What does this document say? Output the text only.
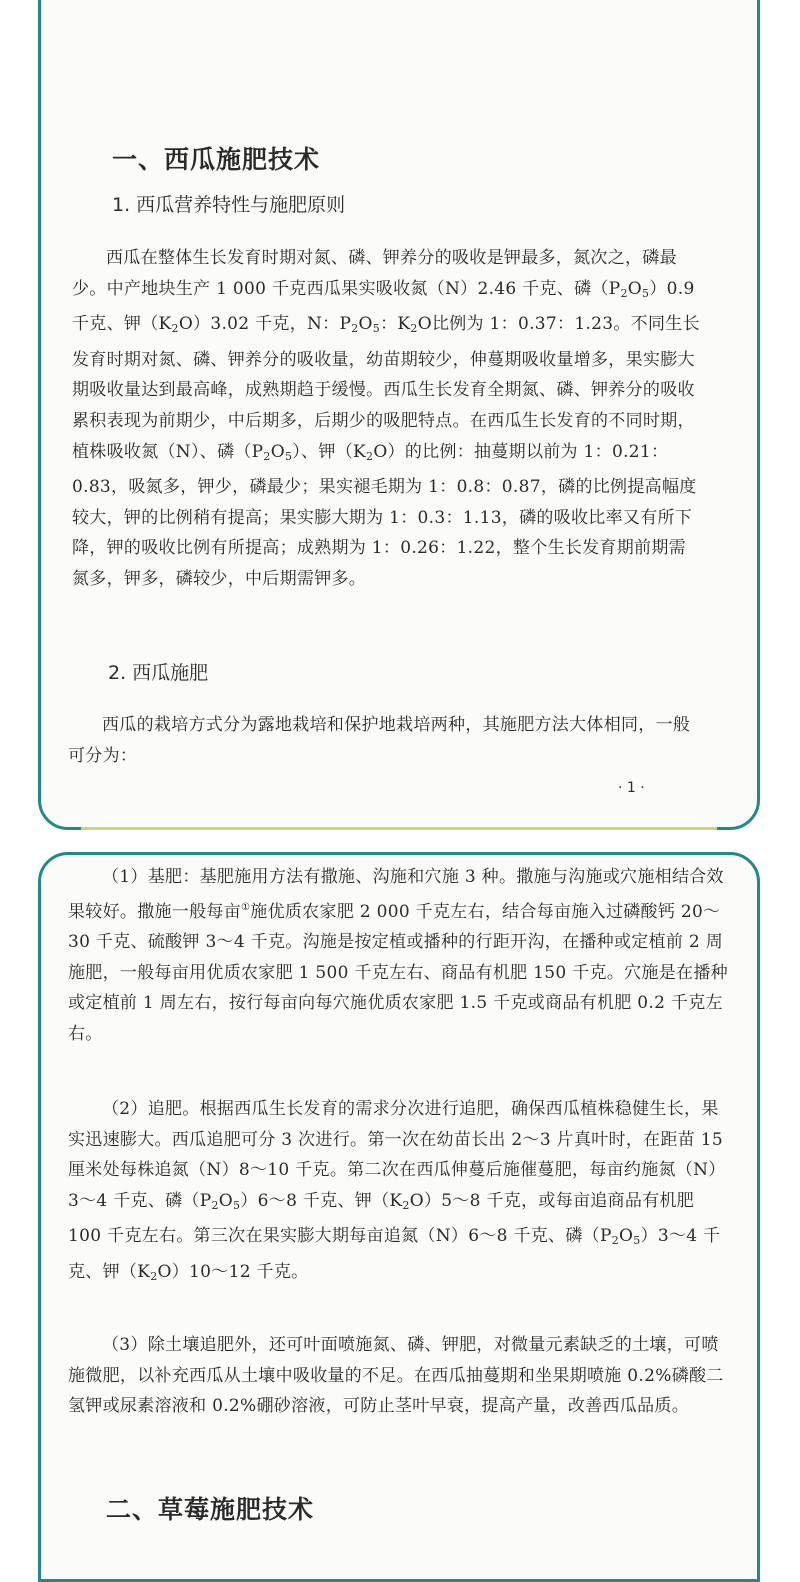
一、西瓜施肥技术
1. 西瓜营养特性与施肥原则

西瓜在整体生长发育时期对氮、磷、钾养分的吸收是钾最多，氮次之，磷最少。中产地块生产 1 000 千克西瓜果实吸收氮（N）2.46 千克、磷$(P_2O_5)0.9$ 千克、钾$(K_2O)3.02$ 千克，N：$P_2O_5$：$K_2O$比例为 1：0.37：1.23。不同生长发育时期对氮、磷、钾养分的吸收量，幼苗期较少，伸蔓期吸收量增多，果实膨大期吸收量达到最高峰，成熟期趋于缓慢。西瓜生长发育全期氮、磷、钾养分的吸收累积表现为前期少，中后期多，后期少的吸肥特点。在西瓜生长发育的不同时期，植株吸收氮（N）、磷$(P_2O_5)$、钾$(K_2O)$的比例：抽蔓期以前为 1：0.21：0.83，吸氮多，钾少，磷最少；果实褪毛期为 1：0.8：0.87，磷的比例提高幅度较大，钾的比例稍有提高；果实膨大期为 1：0.3：1.13，磷的吸收比率又有所下降，钾的吸收比例有所提高；成熟期为 1：0.26：1.22，整个生长发育期前期需氮多，钾多，磷较少，中后期需钾多。

2. 西瓜施肥

西瓜的栽培方式分为露地栽培和保护地栽培两种，其施肥方法大体相同，一般可分为：

· 1 ·

（1）基肥：基肥施用方法有撒施、沟施和穴施 3 种。撒施与沟施或穴施相结合效果较好。撒施一般每亩①施优质农家肥 2 000 千克左右，结合每亩施入过磷酸钙 20～30 千克、硫酸钾 3～4 千克。沟施是按定植或播种的行距开沟，在播种或定植前 2 周施肥，一般每亩用优质农家肥 1 500 千克左右、商品有机肥 150 千克。穴施是在播种或定植前 1 周左右，按行每亩向每穴施优质农家肥 1.5 千克或商品有机肥 0.2 千克左右。

（2）追肥。根据西瓜生长发育的需求分次进行追肥，确保西瓜植株稳健生长，果实迅速膨大。西瓜追肥可分 3 次进行。第一次在幼苗长出 2～3 片真叶时，在距苗 15 厘米处每株追氮（N）8～10 千克。第二次在西瓜伸蔓后施催蔓肥，每亩约施氮（N）3～4 千克、磷$(P_2O_5)6\sim 8$ 千克、钾$(K_2O)5\sim 8$ 千克，或每亩追商品有机肥 100 千克左右。第三次在果实膨大期每亩追氮（N）6～8 千克、磷$(P_2O_5)3\sim 4$ 千克、钾$(K_2O)10\sim 12$ 千克。

（3）除土壤追肥外，还可叶面喷施氮、磷、钾肥，对微量元素缺乏的土壤，可喷施微肥，以补充西瓜从土壤中吸收量的不足。在西瓜抽蔓期和坐果期喷施 0.2%磷酸二氢钾或尿素溶液和 0.2%硼砂溶液，可防止茎叶早衰，提高产量，改善西瓜品质。

二、草莓施肥技术
